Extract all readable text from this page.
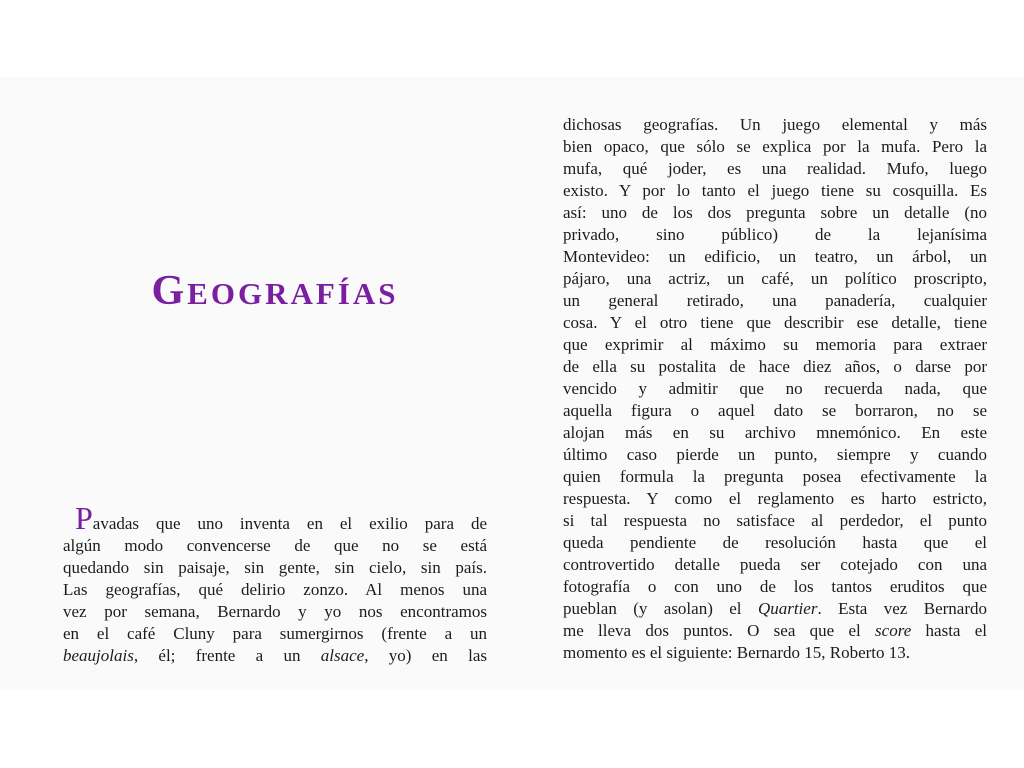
GEOGRAFÍAS
Pavadas que uno inventa en el exilio para de
algún modo convencerse de que no se está
quedando sin paisaje, sin gente, sin cielo, sin país.
Las geografías, qué delirio zonzo. Al menos una
vez por semana, Bernardo y yo nos encontramos
en el café Cluny para sumergirnos (frente a un
beaujolais, él; frente a un alsace, yo) en las
dichosas geografías. Un juego elemental y más
bien opaco, que sólo se explica por la mufa. Pero la
mufa, qué joder, es una realidad. Mufo, luego
existo. Y por lo tanto el juego tiene su cosquilla. Es
así: uno de los dos pregunta sobre un detalle (no
privado, sino público) de la lejanísima
Montevideo: un edificio, un teatro, un árbol, un
pájaro, una actriz, un café, un político proscripto,
un general retirado, una panadería, cualquier
cosa. Y el otro tiene que describir ese detalle, tiene
que exprimir al máximo su memoria para extraer
de ella su postalita de hace diez años, o darse por
vencido y admitir que no recuerda nada, que
aquella figura o aquel dato se borraron, no se
alojan más en su archivo mnemónico. En este
último caso pierde un punto, siempre y cuando
quien formula la pregunta posea efectivamente la
respuesta. Y como el reglamento es harto estricto,
si tal respuesta no satisface al perdedor, el punto
queda pendiente de resolución hasta que el
controvertido detalle pueda ser cotejado con una
fotografía o con uno de los tantos eruditos que
pueblan (y asolan) el Quartier. Esta vez Bernardo
me lleva dos puntos. O sea que el score hasta el
momento es el siguiente: Bernardo 15, Roberto 13.
